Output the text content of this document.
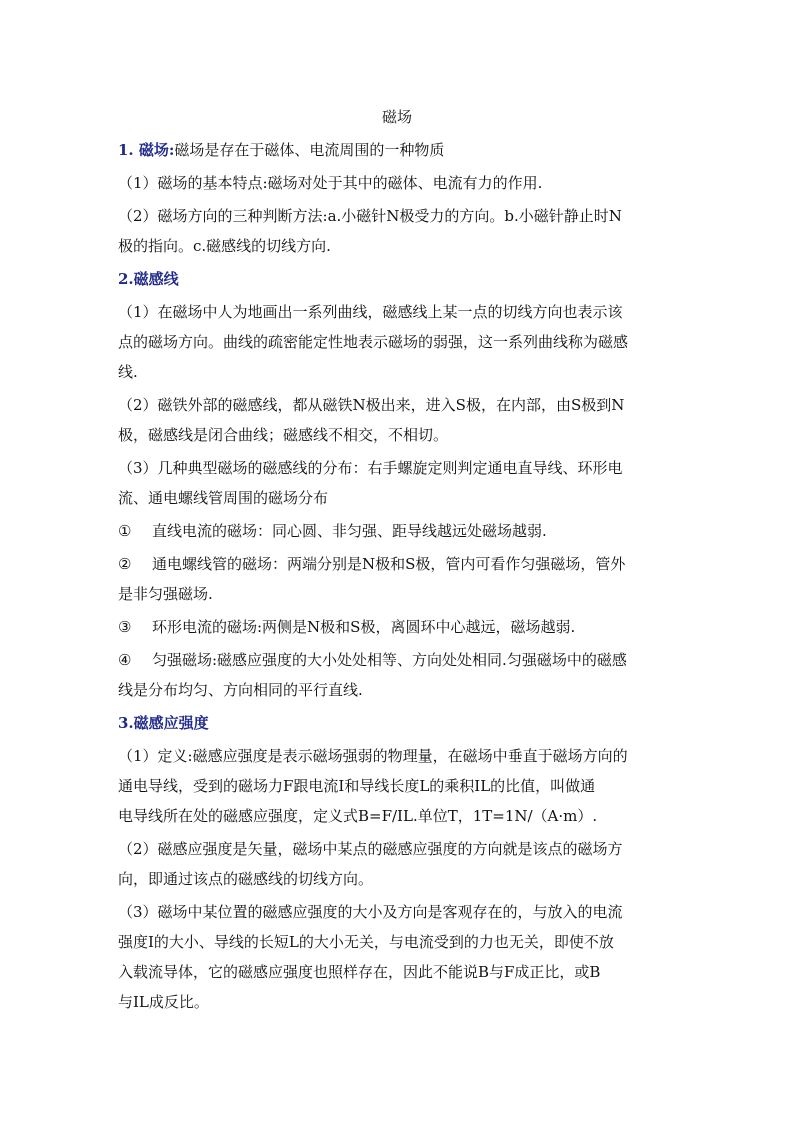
磁场
1. 磁场:磁场是存在于磁体、电流周围的一种物质
（1）磁场的基本特点:磁场对处于其中的磁体、电流有力的作用.
（2）磁场方向的三种判断方法:a.小磁针N极受力的方向。b.小磁针静止时N
极的指向。c.磁感线的切线方向.
2.磁感线
（1）在磁场中人为地画出一系列曲线，磁感线上某一点的切线方向也表示该
点的磁场方向。曲线的疏密能定性地表示磁场的弱强，这一系列曲线称为磁感
线.
（2）磁铁外部的磁感线，都从磁铁N极出来，进入S极，在内部，由S极到N
极，磁感线是闭合曲线；磁感线不相交，不相切。
（3）几种典型磁场的磁感线的分布：右手螺旋定则判定通电直导线、环形电
流、通电螺线管周围的磁场分布
① 直线电流的磁场：同心圆、非匀强、距导线越远处磁场越弱.
② 通电螺线管的磁场：两端分别是N极和S极，管内可看作匀强磁场，管外
是非匀强磁场.
③ 环形电流的磁场:两侧是N极和S极，离圆环中心越远，磁场越弱.
④ 匀强磁场:磁感应强度的大小处处相等、方向处处相同.匀强磁场中的磁感
线是分布均匀、方向相同的平行直线.
3.磁感应强度
（1）定义:磁感应强度是表示磁场强弱的物理量，在磁场中垂直于磁场方向的
通电导线，受到的磁场力F跟电流I和导线长度L的乘积IL的比值，叫做通
电导线所在处的磁感应强度，定义式B=F/IL.单位T，1T=1N/（A·m）.
（2）磁感应强度是矢量，磁场中某点的磁感应强度的方向就是该点的磁场方
向，即通过该点的磁感线的切线方向。
（3）磁场中某位置的磁感应强度的大小及方向是客观存在的，与放入的电流
强度I的大小、导线的长短L的大小无关，与电流受到的力也无关，即使不放
入载流导体，它的磁感应强度也照样存在，因此不能说B与F成正比，或B
与IL成反比。
